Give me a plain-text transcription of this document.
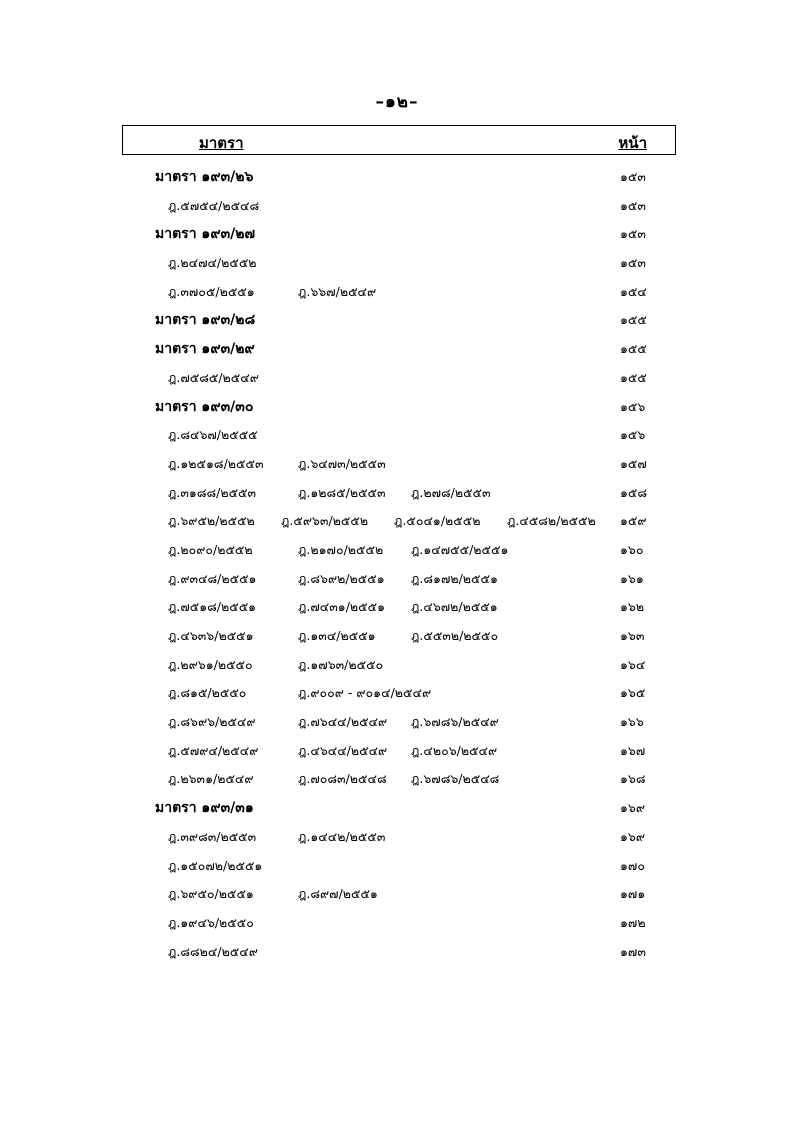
–๑๒–
มาตรา	หน้า
มาตรา ๑๙๓/๒๖	๑๕๓
ฎ.๕๗๕๔/๒๕๔๘	๑๕๓
มาตรา ๑๙๓/๒๗	๑๕๓
ฎ.๒๔๗๔/๒๕๕๒	๑๕๓
ฎ.๓๗๐๕/๒๕๕๑	ฎ.๖๖๗/๒๕๔๙	๑๕๔
มาตรา ๑๙๓/๒๘	๑๕๕
มาตรา ๑๙๓/๒๙	๑๕๕
ฎ.๗๕๘๕/๒๕๔๙	๑๕๕
มาตรา ๑๙๓/๓๐	๑๕๖
ฎ.๘๔๖๗/๒๕๕๕	๑๕๖
ฎ.๑๒๕๑๘/๒๕๕๓	ฎ.๖๔๗๓/๒๕๕๓	๑๕๗
ฎ.๓๑๘๘/๒๕๕๓	ฎ.๑๒๘๕/๒๕๕๓ ฎ.๒๗๘/๒๕๕๓	๑๕๘
ฎ.๖๙๕๒/๒๕๕๒ ฎ.๕๙๖๓/๒๕๕๒ ฎ.๕๐๔๑/๒๕๕๒ ฎ.๔๕๘๒/๒๕๕๒ ๑๕๙
ฎ.๒๐๙๐/๒๕๕๒	ฎ.๒๑๗๐/๒๕๕๒ ฎ.๑๔๗๕๕/๒๕๕๑	๑๖๐
ฎ.๙๓๔๘/๒๕๕๑	ฎ.๘๖๙๒/๒๕๕๑ ฎ.๘๑๗๒/๒๕๕๑	๑๖๑
ฎ.๗๕๑๘/๒๕๕๑	ฎ.๗๔๓๑/๒๕๕๑ ฎ.๔๖๗๒/๒๕๕๑	๑๖๒
ฎ.๔๖๓๖/๒๕๕๑	ฎ.๑๓๔/๒๕๕๑	ฎ.๕๕๓๒/๒๕๕๐	๑๖๓
ฎ.๒๙๖๑/๒๕๕๐	ฎ.๑๗๖๓/๒๕๕๐	๑๖๔
ฎ.๘๑๕/๒๕๕๐	ฎ.๙๐๐๙ - ๙๐๑๔/๒๕๔๙	๑๖๕
ฎ.๘๖๙๖/๒๕๔๙	ฎ.๗๖๔๔/๒๕๔๙ ฎ.๖๗๘๖/๒๕๔๙	๑๖๖
ฎ.๕๗๙๔/๒๕๔๙	ฎ.๔๖๔๔/๒๕๔๙ ฎ.๔๒๐๖/๒๕๔๙	๑๖๗
ฎ.๒๖๓๑/๒๕๔๙	ฎ.๗๐๘๓/๒๕๔๘ ฎ.๖๗๘๖/๒๕๔๘	๑๖๘
มาตรา ๑๙๓/๓๑	๑๖๙
ฎ.๓๙๘๓/๒๕๕๓	ฎ.๑๔๔๒/๒๕๕๓	๑๖๙
ฎ.๑๕๐๗๒/๒๕๕๑	๑๗๐
ฎ.๖๙๕๐/๒๕๕๑	ฎ.๘๙๗/๒๕๕๑	๑๗๑
ฎ.๑๙๔๖/๒๕๕๐	๑๗๒
ฎ.๘๘๒๔/๒๕๔๙	๑๗๓
